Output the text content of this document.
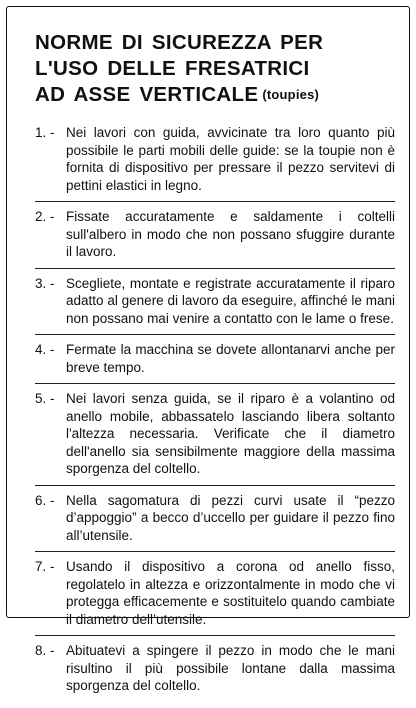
NORME DI SICUREZZA PER
L'USO DELLE FRESATRICI
AD ASSE VERTICALE (toupies)
1. - Nei lavori con guida, avvicinate tra loro quanto più possibile le parti mobili delle guide: se la toupie non è fornita di dispositivo per pressare il pezzo servitevi di pettini elastici in legno.
2. - Fissate accuratamente e saldamente i coltelli sull'albero in modo che non possano sfuggire durante il lavoro.
3. - Scegliete, montate e registrate accuratamente il riparo adatto al genere di lavoro da eseguire, affinché le mani non possano mai venire a contatto con le lame o frese.
4. - Fermate la macchina se dovete allontanarvi anche per breve tempo.
5. - Nei lavori senza guida, se il riparo è a volantino od anello mobile, abbassatelo lasciando libera soltanto l'altezza necessaria. Verificate che il diametro dell'anello sia sensibilmente maggiore della massima sporgenza del coltello.
6. - Nella sagomatura di pezzi curvi usate il “pezzo d’appoggio” a becco d’uccello per guidare il pezzo fino all’utensile.
7. - Usando il dispositivo a corona od anello fisso, regolatelo in altezza e orizzontalmente in modo che vi protegga efficacemente e sostituitelo quando cambiate il diametro dell’utensile.
8. - Abituatevi a spingere il pezzo in modo che le mani risultino il più possibile lontane dalla massima sporgenza del coltello.
